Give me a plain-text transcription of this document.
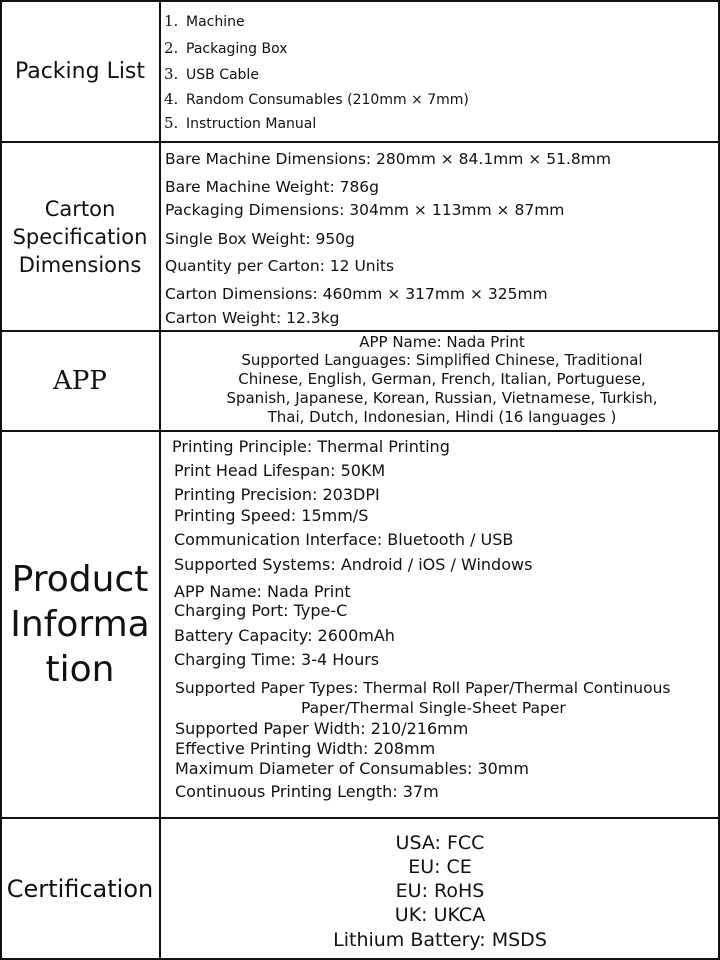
Packing List
1. Machine
2. Packaging Box
3. USB Cable
4. Random Consumables (210mm × 7mm)
5. Instruction Manual
Carton
Specification
Dimensions
Bare Machine Dimensions: 280mm × 84.1mm × 51.8mm
Bare Machine Weight: 786g
Packaging Dimensions: 304mm × 113mm × 87mm
Single Box Weight: 950g
Quantity per Carton: 12 Units
Carton Dimensions: 460mm × 317mm × 325mm
Carton Weight: 12.3kg
APP
APP Name: Nada Print
Supported Languages: Simplified Chinese, Traditional
Chinese, English, German, French, Italian, Portuguese,
Spanish, Japanese, Korean, Russian, Vietnamese, Turkish,
Thai, Dutch, Indonesian, Hindi (16 languages )
Product
Informa
tion
Printing Principle: Thermal Printing
Print Head Lifespan: 50KM
Printing Precision: 203DPI
Printing Speed: 15mm/S
Communication Interface: Bluetooth / USB
Supported Systems: Android / iOS / Windows
APP Name: Nada Print
Charging Port: Type-C
Battery Capacity: 2600mAh
Charging Time: 3-4 Hours
Supported Paper Types: Thermal Roll Paper/Thermal Continuous
Paper/Thermal Single-Sheet Paper
Supported Paper Width: 210/216mm
Effective Printing Width: 208mm
Maximum Diameter of Consumables: 30mm
Continuous Printing Length: 37m
Certification
USA: FCC
EU: CE
EU: RoHS
UK: UKCA
Lithium Battery: MSDS
